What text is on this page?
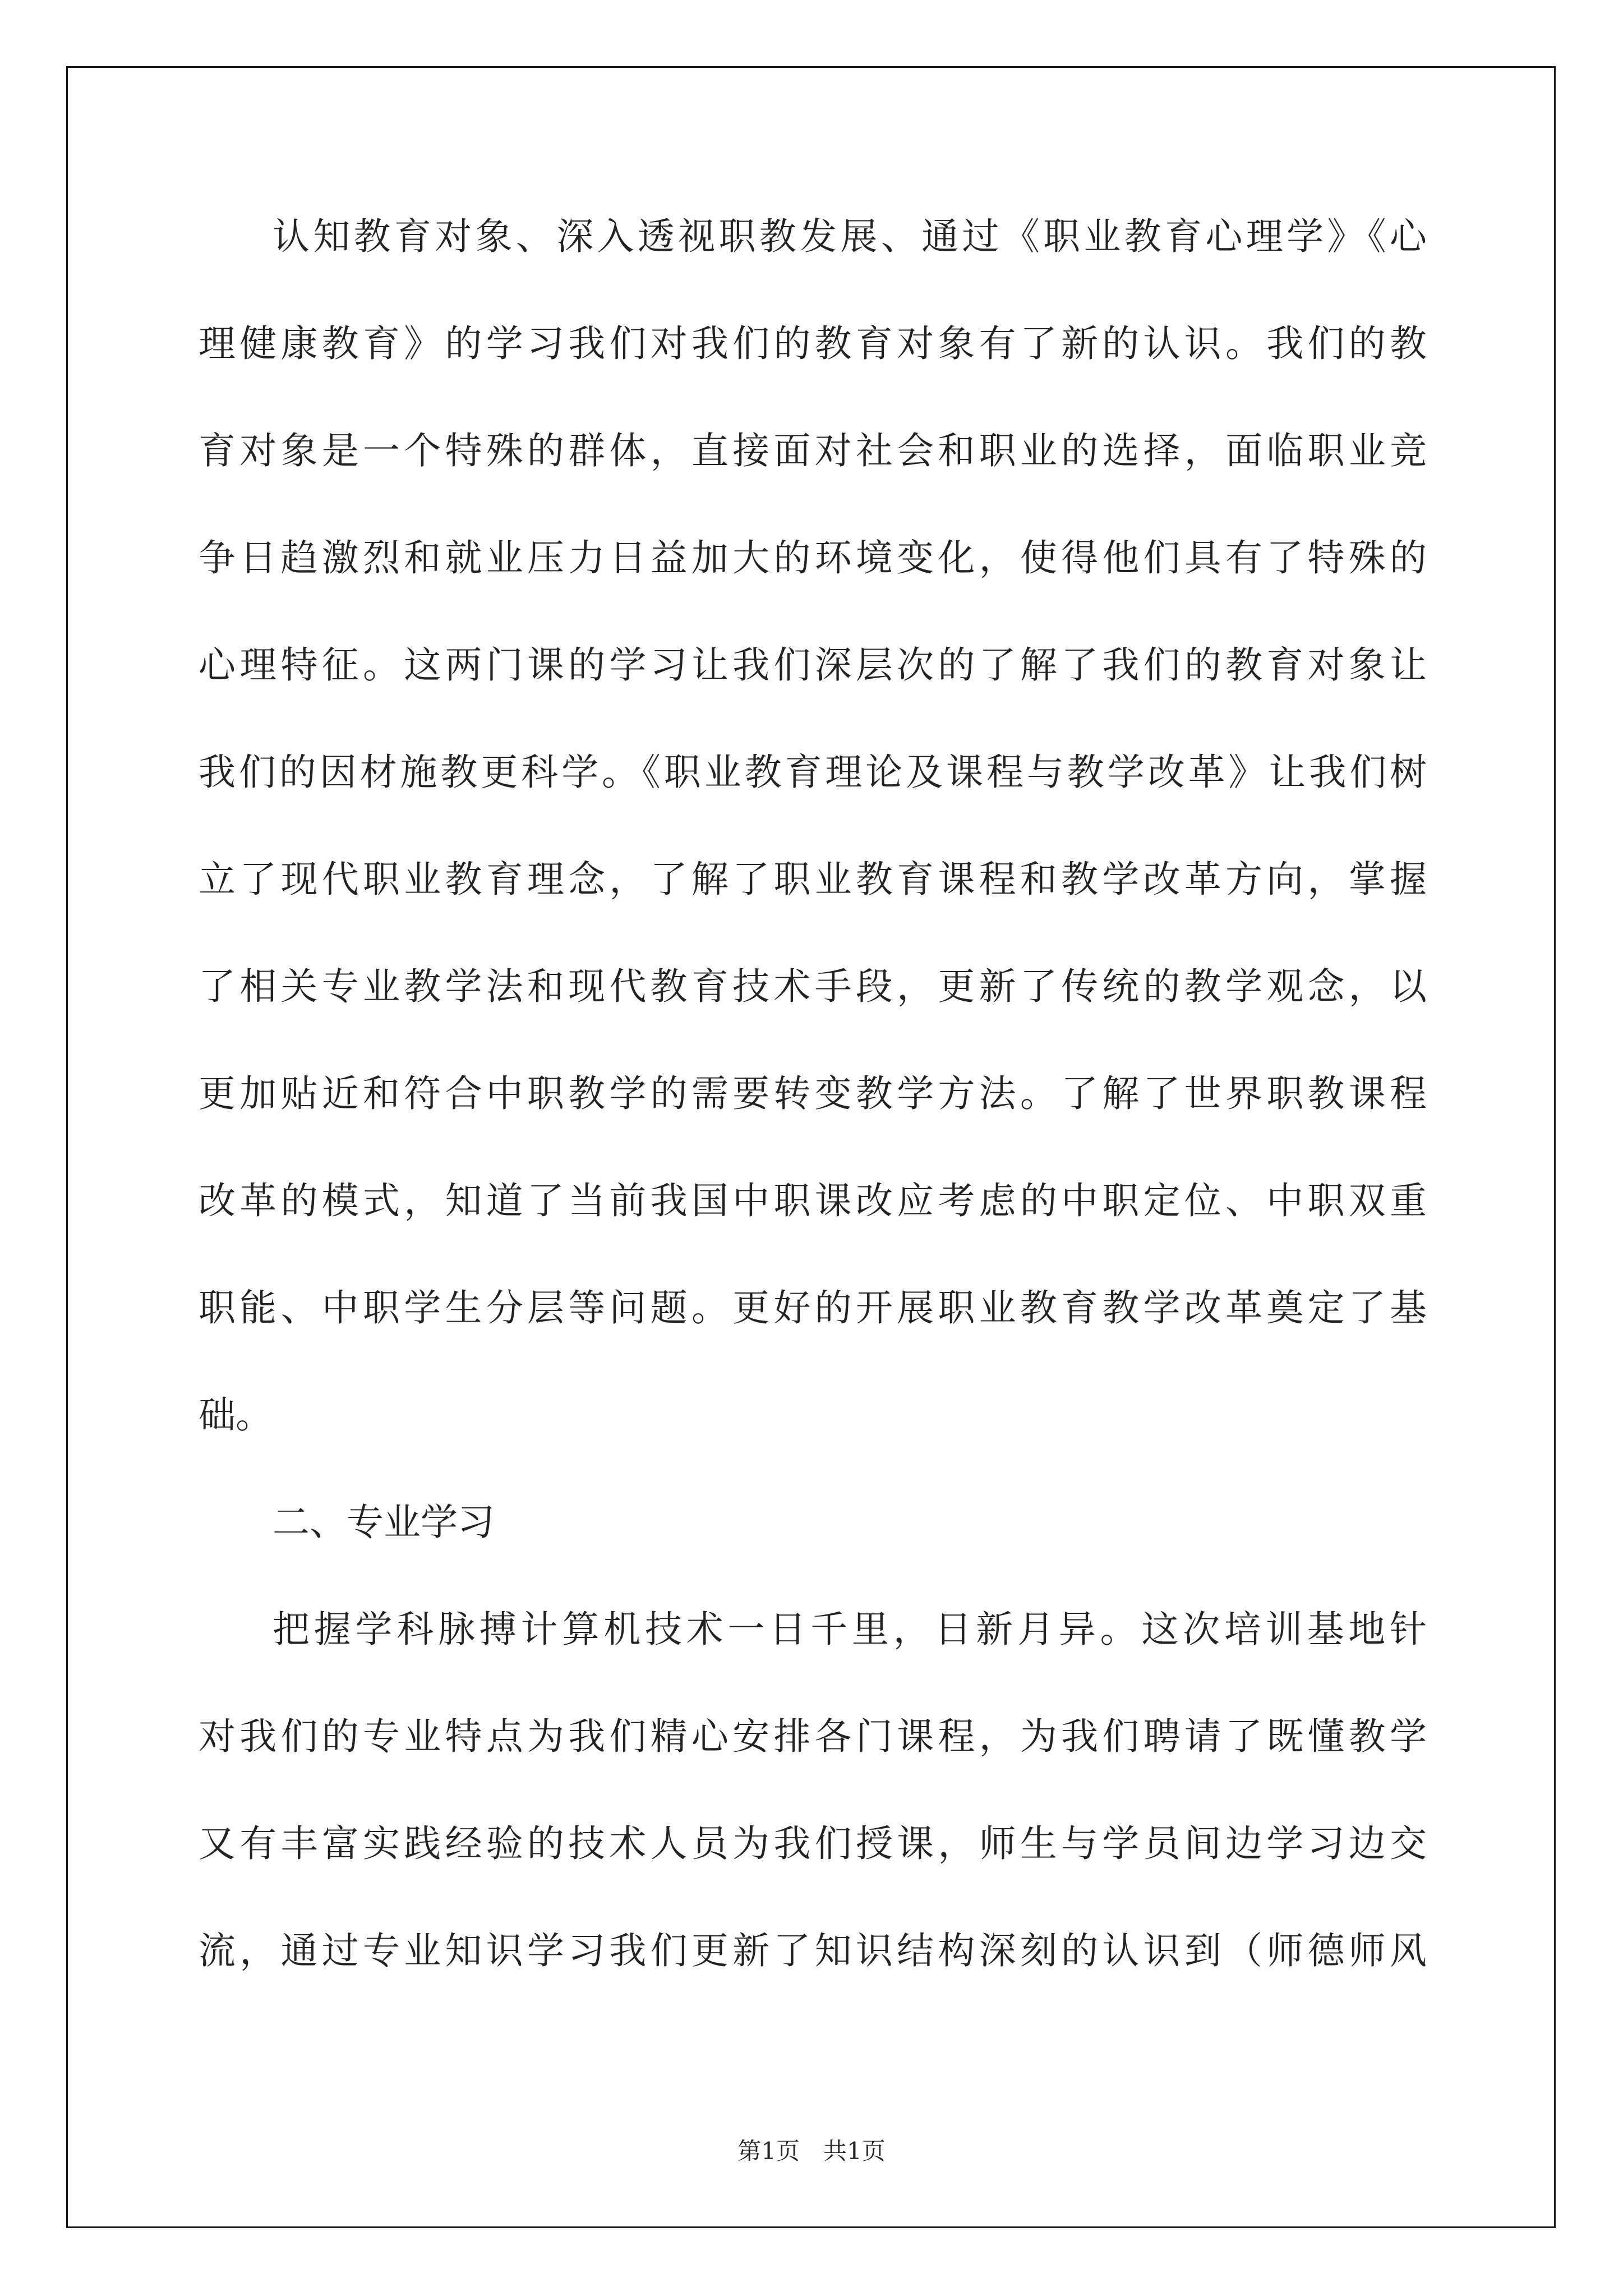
认知教育对象、深入透视职教发展、通过《职业教育心理学》《心
理健康教育》的学习我们对我们的教育对象有了新的认识。我们的教
育对象是一个特殊的群体，直接面对社会和职业的选择，面临职业竞
争日趋激烈和就业压力日益加大的环境变化，使得他们具有了特殊的
心理特征。这两门课的学习让我们深层次的了解了我们的教育对象让
我们的因材施教更科学。《职业教育理论及课程与教学改革》让我们树
立了现代职业教育理念，了解了职业教育课程和教学改革方向，掌握
了相关专业教学法和现代教育技术手段，更新了传统的教学观念，以
更加贴近和符合中职教学的需要转变教学方法。了解了世界职教课程
改革的模式，知道了当前我国中职课改应考虑的中职定位、中职双重
职能、中职学生分层等问题。更好的开展职业教育教学改革奠定了基
础。
二、专业学习
把握学科脉搏计算机技术一日千里，日新月异。这次培训基地针
对我们的专业特点为我们精心安排各门课程，为我们聘请了既懂教学
又有丰富实践经验的技术人员为我们授课，师生与学员间边学习边交
流，通过专业知识学习我们更新了知识结构深刻的认识到（师德师风
第1页　共1页
